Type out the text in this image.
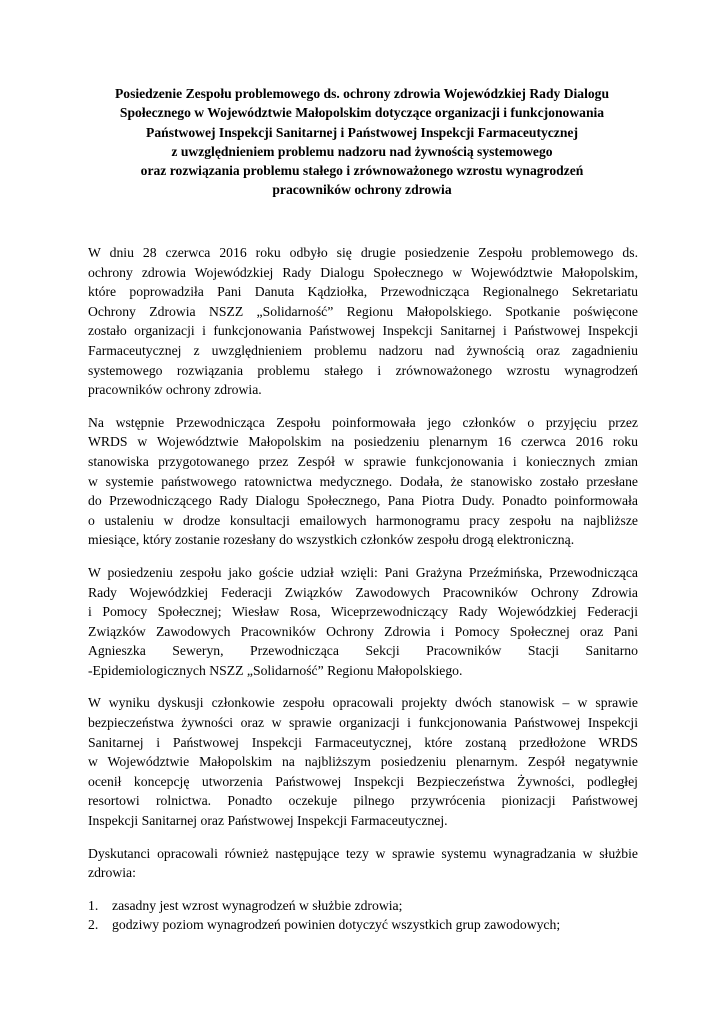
Posiedzenie Zespołu problemowego ds. ochrony zdrowia Wojewódzkiej Rady Dialogu
Społecznego w Województwie Małopolskim dotyczące organizacji i funkcjonowania
Państwowej Inspekcji Sanitarnej i Państwowej Inspekcji Farmaceutycznej
z uwzględnieniem problemu nadzoru nad żywnością systemowego
oraz rozwiązania problemu stałego i zrównoważonego wzrostu wynagrodzeń
pracowników ochrony zdrowia

W dniu 28 czerwca 2016 roku odbyło się drugie posiedzenie Zespołu problemowego ds.
ochrony zdrowia Wojewódzkiej Rady Dialogu Społecznego w Województwie Małopolskim,
które poprowadziła Pani Danuta Kądziołka, Przewodnicząca Regionalnego Sekretariatu
Ochrony Zdrowia NSZZ „Solidarność” Regionu Małopolskiego. Spotkanie poświęcone
zostało organizacji i funkcjonowania Państwowej Inspekcji Sanitarnej i Państwowej Inspekcji
Farmaceutycznej z uwzględnieniem problemu nadzoru nad żywnością oraz zagadnieniu
systemowego rozwiązania problemu stałego i zrównoważonego wzrostu wynagrodzeń
pracowników ochrony zdrowia.

Na wstępnie Przewodnicząca Zespołu poinformowała jego członków o przyjęciu przez
WRDS w Województwie Małopolskim na posiedzeniu plenarnym 16 czerwca 2016 roku
stanowiska przygotowanego przez Zespół w sprawie funkcjonowania i koniecznych zmian
w systemie państwowego ratownictwa medycznego. Dodała, że stanowisko zostało przesłane
do Przewodniczącego Rady Dialogu Społecznego, Pana Piotra Dudy. Ponadto poinformowała
o ustaleniu w drodze konsultacji emailowych harmonogramu pracy zespołu na najbliższe
miesiące, który zostanie rozesłany do wszystkich członków zespołu drogą elektroniczną.

W posiedzeniu zespołu jako goście udział wzięli: Pani Grażyna Przeźmińska, Przewodnicząca
Rady Wojewódzkiej Federacji Związków Zawodowych Pracowników Ochrony Zdrowia
i Pomocy Społecznej; Wiesław Rosa, Wiceprzewodniczący Rady Wojewódzkiej Federacji
Związków Zawodowych Pracowników Ochrony Zdrowia i Pomocy Społecznej oraz Pani
Agnieszka Seweryn, Przewodnicząca Sekcji Pracowników Stacji Sanitarno
-Epidemiologicznych NSZZ „Solidarność” Regionu Małopolskiego.

W wyniku dyskusji członkowie zespołu opracowali projekty dwóch stanowisk – w sprawie
bezpieczeństwa żywności oraz w sprawie organizacji i funkcjonowania Państwowej Inspekcji
Sanitarnej i Państwowej Inspekcji Farmaceutycznej, które zostaną przedłożone WRDS
w Województwie Małopolskim na najbliższym posiedzeniu plenarnym. Zespół negatywnie
ocenił koncepcję utworzenia Państwowej Inspekcji Bezpieczeństwa Żywności, podległej
resortowi rolnictwa. Ponadto oczekuje pilnego przywrócenia pionizacji Państwowej
Inspekcji Sanitarnej oraz Państwowej Inspekcji Farmaceutycznej.

Dyskutanci opracowali również następujące tezy w sprawie systemu wynagradzania w służbie
zdrowia:

1.	zasadny jest wzrost wynagrodzeń w służbie zdrowia;
2.	godziwy poziom wynagrodzeń powinien dotyczyć wszystkich grup zawodowych;
